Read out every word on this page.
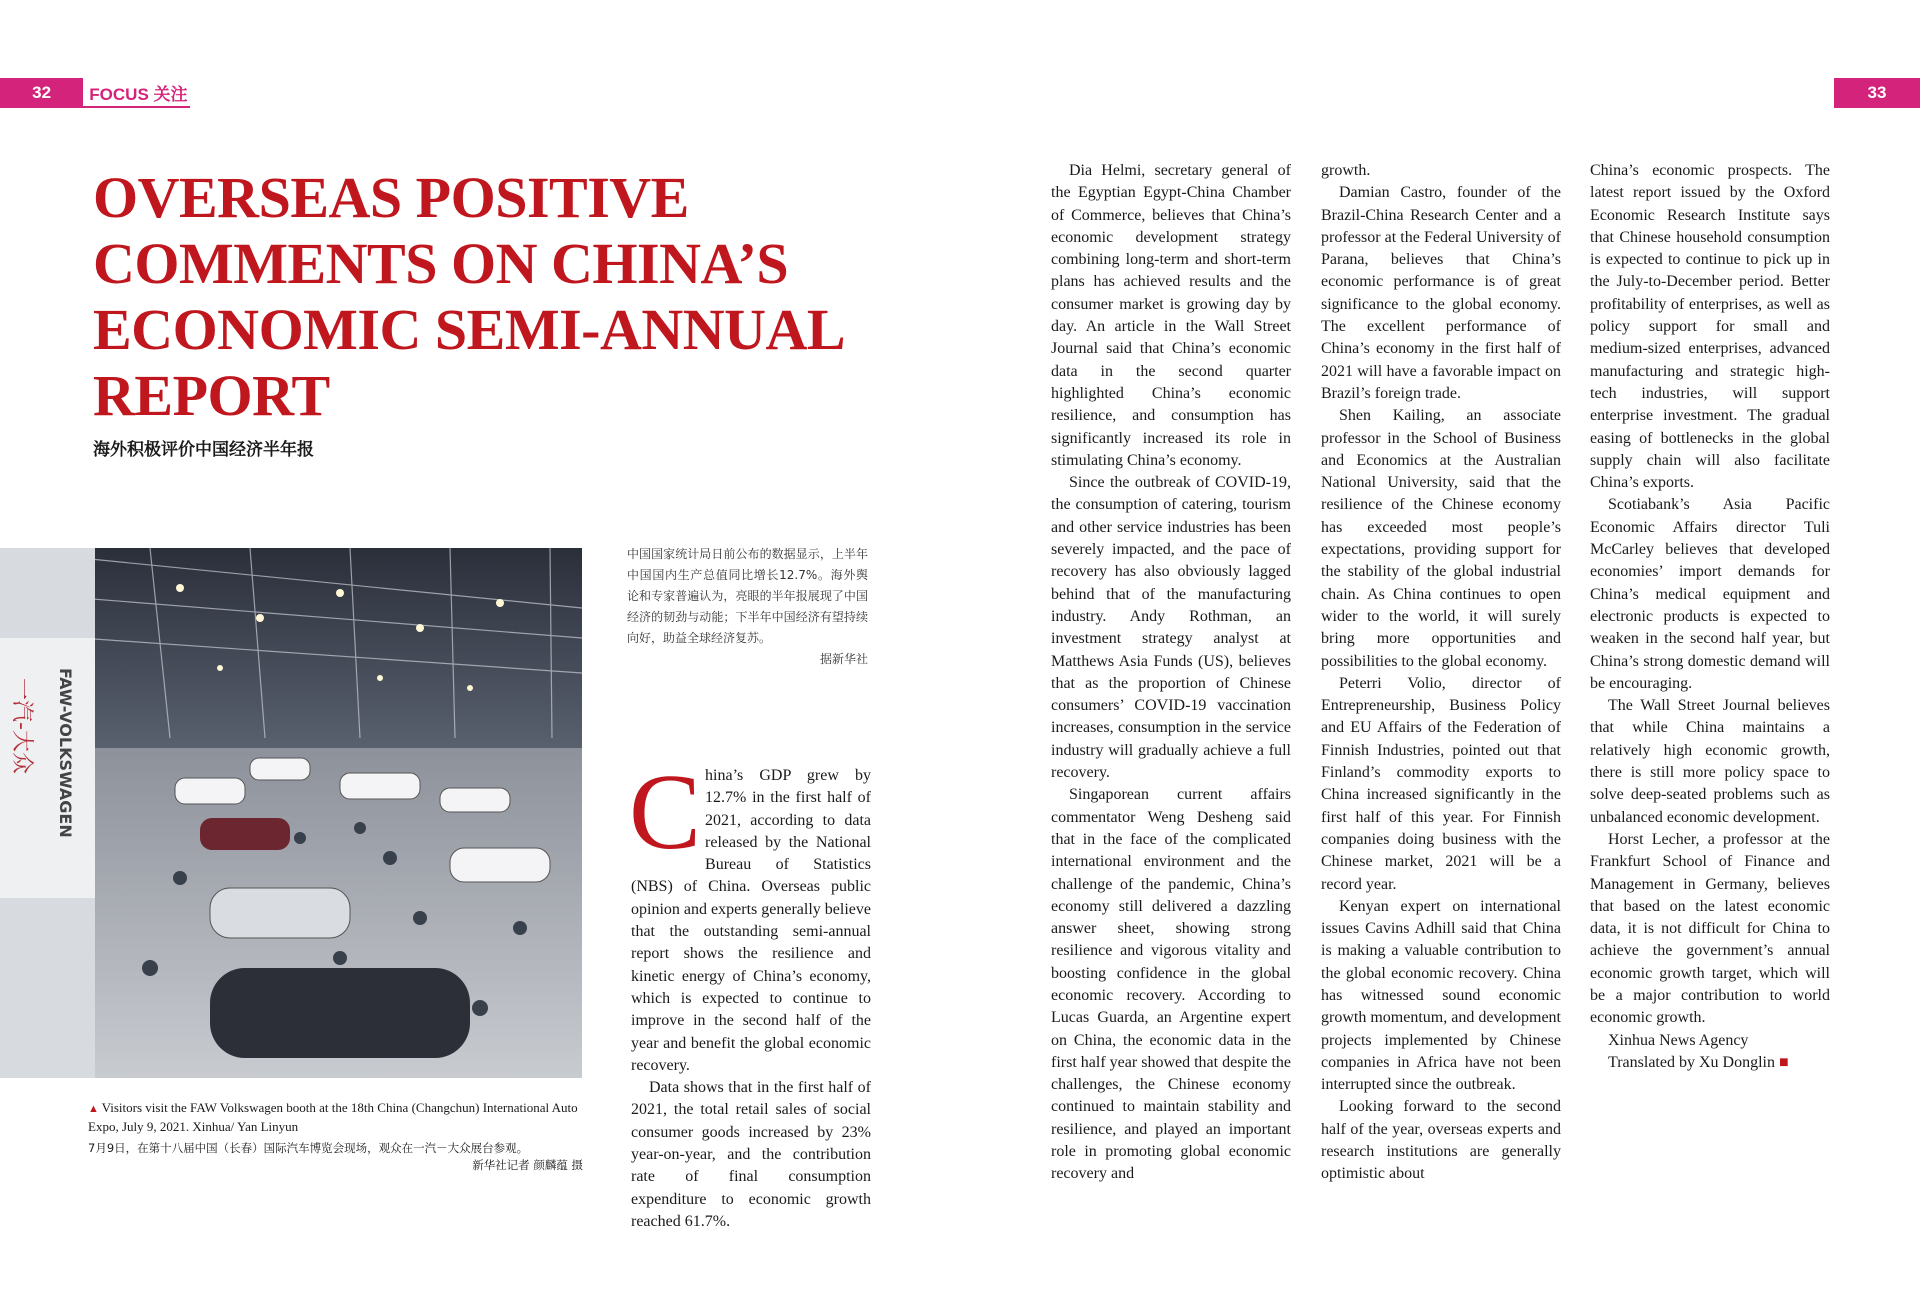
32	FOCUS 关注	33
OVERSEAS POSITIVE COMMENTS ON CHINA’S ECONOMIC SEMI-ANNUAL REPORT
海外积极评价中国经济半年报
一汽-大众 FAW-VOLKSWAGEN
▲ Visitors visit the FAW Volkswagen booth at the 18th China (Changchun) International Auto Expo, July 9, 2021. Xinhua/ Yan Linyun
7月9日，在第十八届中国（长春）国际汽车博览会现场，观众在一汽－大众展台参观。
新华社记者 颜麟蕴 摄
中国国家统计局日前公布的数据显示，上半年中国国内生产总值同比增长12.7%。海外舆论和专家普遍认为，亮眼的半年报展现了中国经济的韧劲与动能；下半年中国经济有望持续向好，助益全球经济复苏。
据新华社

China’s GDP grew by 12.7% in the first half of 2021, according to data released by the National Bureau of Statistics (NBS) of China. Overseas public opinion and experts generally believe that the outstanding semi-annual report shows the resilience and kinetic energy of China’s economy, which is expected to continue to improve in the second half of the year and benefit the global economic recovery.

Data shows that in the first half of 2021, the total retail sales of social consumer goods increased by 23% year-on-year, and the contribution rate of final consumption expenditure to economic growth reached 61.7%.

Dia Helmi, secretary general of the Egyptian Egypt-China Chamber of Commerce, believes that China’s economic development strategy combining long-term and short-term plans has achieved results and the consumer market is growing day by day. An article in the Wall Street Journal said that China’s economic data in the second quarter highlighted China’s economic resilience, and consumption has significantly increased its role in stimulating China’s economy.

Since the outbreak of COVID-19, the consumption of catering, tourism and other service industries has been severely impacted, and the pace of recovery has also obviously lagged behind that of the manufacturing industry. Andy Rothman, an investment strategy analyst at Matthews Asia Funds (US), believes that as the proportion of Chinese consumers’ COVID-19 vaccination increases, consumption in the service industry will gradually achieve a full recovery.

Singaporean current affairs commentator Weng Desheng said that in the face of the complicated international environment and the challenge of the pandemic, China’s economy still delivered a dazzling answer sheet, showing strong resilience and vigorous vitality and boosting confidence in the global economic recovery. According to Lucas Guarda, an Argentine expert on China, the economic data in the first half year showed that despite the challenges, the Chinese economy continued to maintain stability and resilience, and played an important role in promoting global economic recovery and

growth.

Damian Castro, founder of the Brazil-China Research Center and a professor at the Federal University of Parana, believes that China’s economic performance is of great significance to the global economy. The excellent performance of China’s economy in the first half of 2021 will have a favorable impact on Brazil’s foreign trade.

Shen Kailing, an associate professor in the School of Business and Economics at the Australian National University, said that the resilience of the Chinese economy has exceeded most people’s expectations, providing support for the stability of the global industrial chain. As China continues to open wider to the world, it will surely bring more opportunities and possibilities to the global economy.

Peterri Volio, director of Entrepreneurship, Business Policy and EU Affairs of the Federation of Finnish Industries, pointed out that Finland’s commodity exports to China increased significantly in the first half of this year. For Finnish companies doing business with the Chinese market, 2021 will be a record year.

Kenyan expert on international issues Cavins Adhill said that China is making a valuable contribution to the global economic recovery. China has witnessed sound economic growth momentum, and development projects implemented by Chinese companies in Africa have not been interrupted since the outbreak.

Looking forward to the second half of the year, overseas experts and research institutions are generally optimistic about

China’s economic prospects. The latest report issued by the Oxford Economic Research Institute says that Chinese household consumption is expected to continue to pick up in the July-to-December period. Better profitability of enterprises, as well as policy support for small and medium-sized enterprises, advanced manufacturing and strategic high-tech industries, will support enterprise investment. The gradual easing of bottlenecks in the global supply chain will also facilitate China’s exports.

Scotiabank’s Asia Pacific Economic Affairs director Tuli McCarley believes that developed economies’ import demands for China’s medical equipment and electronic products is expected to weaken in the second half year, but China’s strong domestic demand will be encouraging.

The Wall Street Journal believes that while China maintains a relatively high economic growth, there is still more policy space to solve deep-seated problems such as unbalanced economic development.

Horst Lecher, a professor at the Frankfurt School of Finance and Management in Germany, believes that based on the latest economic data, it is not difficult for China to achieve the government’s annual economic growth target, which will be a major contribution to world economic growth.

Xinhua News Agency

Translated by Xu Donglin ■
